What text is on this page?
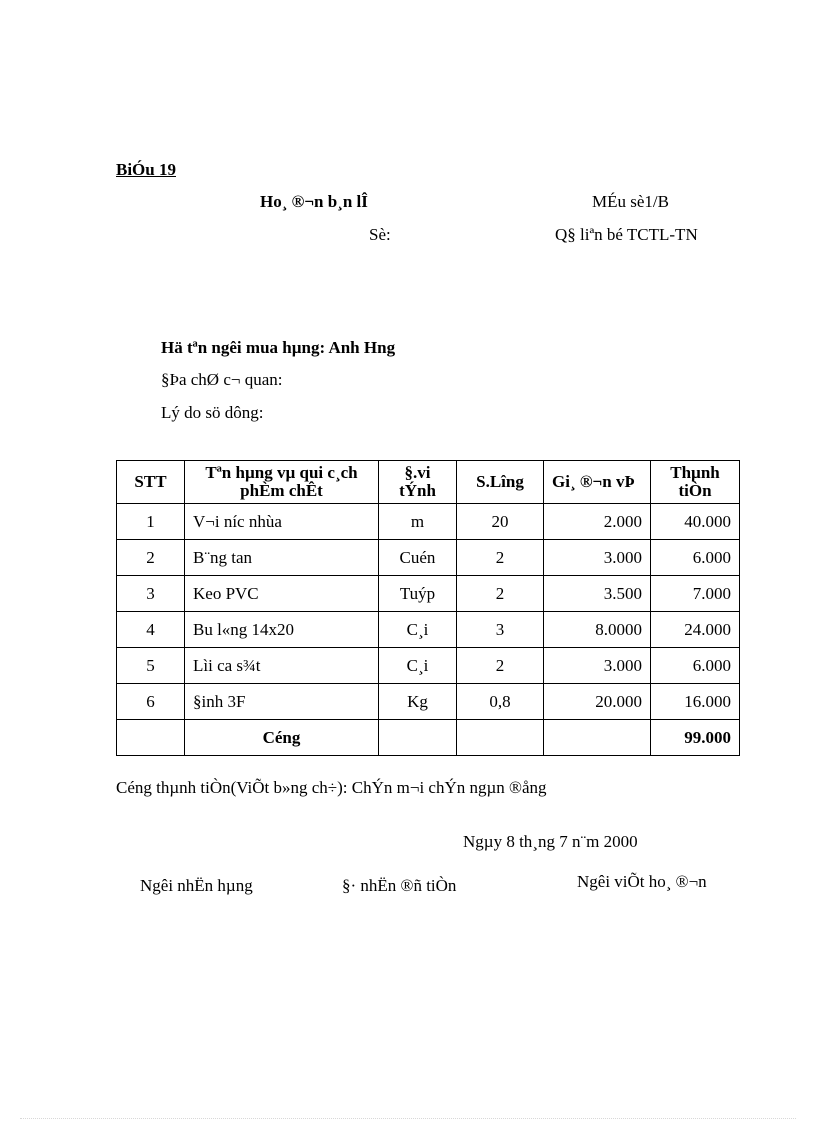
BiÓu 19
Ho¸ ®¬n b¸n lÎ	MÉu sè1/B
Sè:	Q§ liªn bé TCTL-TN
Hä tªn ngêi mua hµng: Anh Hng
§Þa chØ c¬ quan:
Lý do sö dông:
STT	Tªn hµng vµ qui c¸ch phÈm chÊt	§.vi tÝnh	S.Lîng	Gi¸ ®¬n vÞ	Thµnh tiÒn
1	V¬i níc nhùa	m	20	2.000	40.000
2	B¨ng tan	Cuén	2	3.000	6.000
3	Keo PVC	Tuýp	2	3.500	7.000
4	Bu l«ng 14x20	C¸i	3	8.0000	24.000
5	Lìi ca s¾t	C¸i	2	3.000	6.000
6	§inh 3F	Kg	0,8	20.000	16.000
	Céng				99.000
Céng thµnh tiÒn(ViÕt b»ng ch÷): ChÝn m¬i chÝn ngµn ®ång
Ngµy 8 th¸ng 7 n¨m 2000
Ngêi nhËn hµng	§· nhËn ®ñ tiÒn	Ngêi viÕt ho¸ ®¬n
